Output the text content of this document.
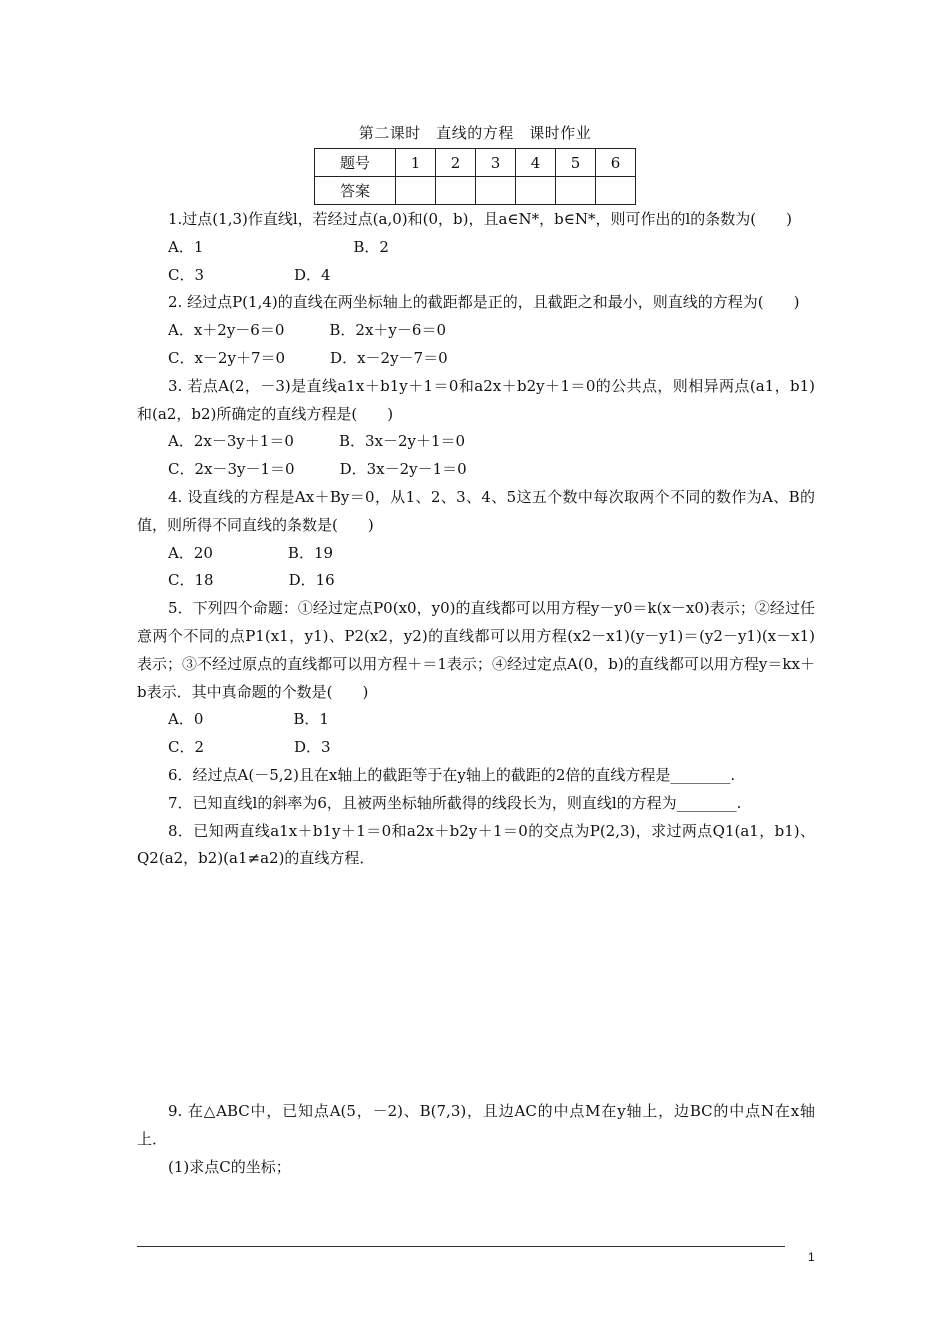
第二课时　直线的方程　课时作业
题号	1	2	3	4	5	6
答案						

1.过点(1,3)作直线l，若经过点(a,0)和(0，b)，且a∈N*，b∈N*，则可作出的l的条数为(　　)

A．1　　　　　　　　　　B．2

C．3　　　　　　D．4

2. 经过点P(1,4)的直线在两坐标轴上的截距都是正的，且截距之和最小，则直线的方程为(　　)

A．x＋2y－6＝0　　　B．2x＋y－6＝0

C．x－2y＋7＝0　　　D．x－2y－7＝0

3. 若点A(2，－3)是直线a1x＋b1y＋1＝0和a2x＋b2y＋1＝0的公共点，则相异两点(a1，b1)和(a2，b2)所确定的直线方程是(　　)

A．2x－3y＋1＝0　　　B．3x－2y＋1＝0

C．2x－3y－1＝0　　　D．3x－2y－1＝0

4. 设直线的方程是Ax＋By＝0，从1、2、3、4、5这五个数中每次取两个不同的数作为A、B的值，则所得不同直线的条数是(　　)

A．20　　　　　B．19

C．18　　　　　D．16

5．下列四个命题：①经过定点P0(x0，y0)的直线都可以用方程y－y0＝k(x－x0)表示；②经过任意两个不同的点P1(x1，y1)、P2(x2，y2)的直线都可以用方程(x2－x1)(y－y1)＝(y2－y1)(x－x1)表示；③不经过原点的直线都可以用方程＋＝1表示；④经过定点A(0，b)的直线都可以用方程y＝kx＋b表示．其中真命题的个数是(　　)

A．0　　　　　　B．1

C．2　　　　　　D．3

6．经过点A(－5,2)且在x轴上的截距等于在y轴上的截距的2倍的直线方程是________.

7．已知直线l的斜率为6，且被两坐标轴所截得的线段长为，则直线l的方程为________.

8．已知两直线a1x＋b1y＋1＝0和a2x＋b2y＋1＝0的交点为P(2,3)，求过两点Q1(a1，b1)、Q2(a2，b2)(a1≠a2)的直线方程．

9. 在△ABC中，已知点A(5，－2)、B(7,3)，且边AC的中点M在y轴上，边BC的中点N在x轴上．

(1)求点C的坐标；

1
